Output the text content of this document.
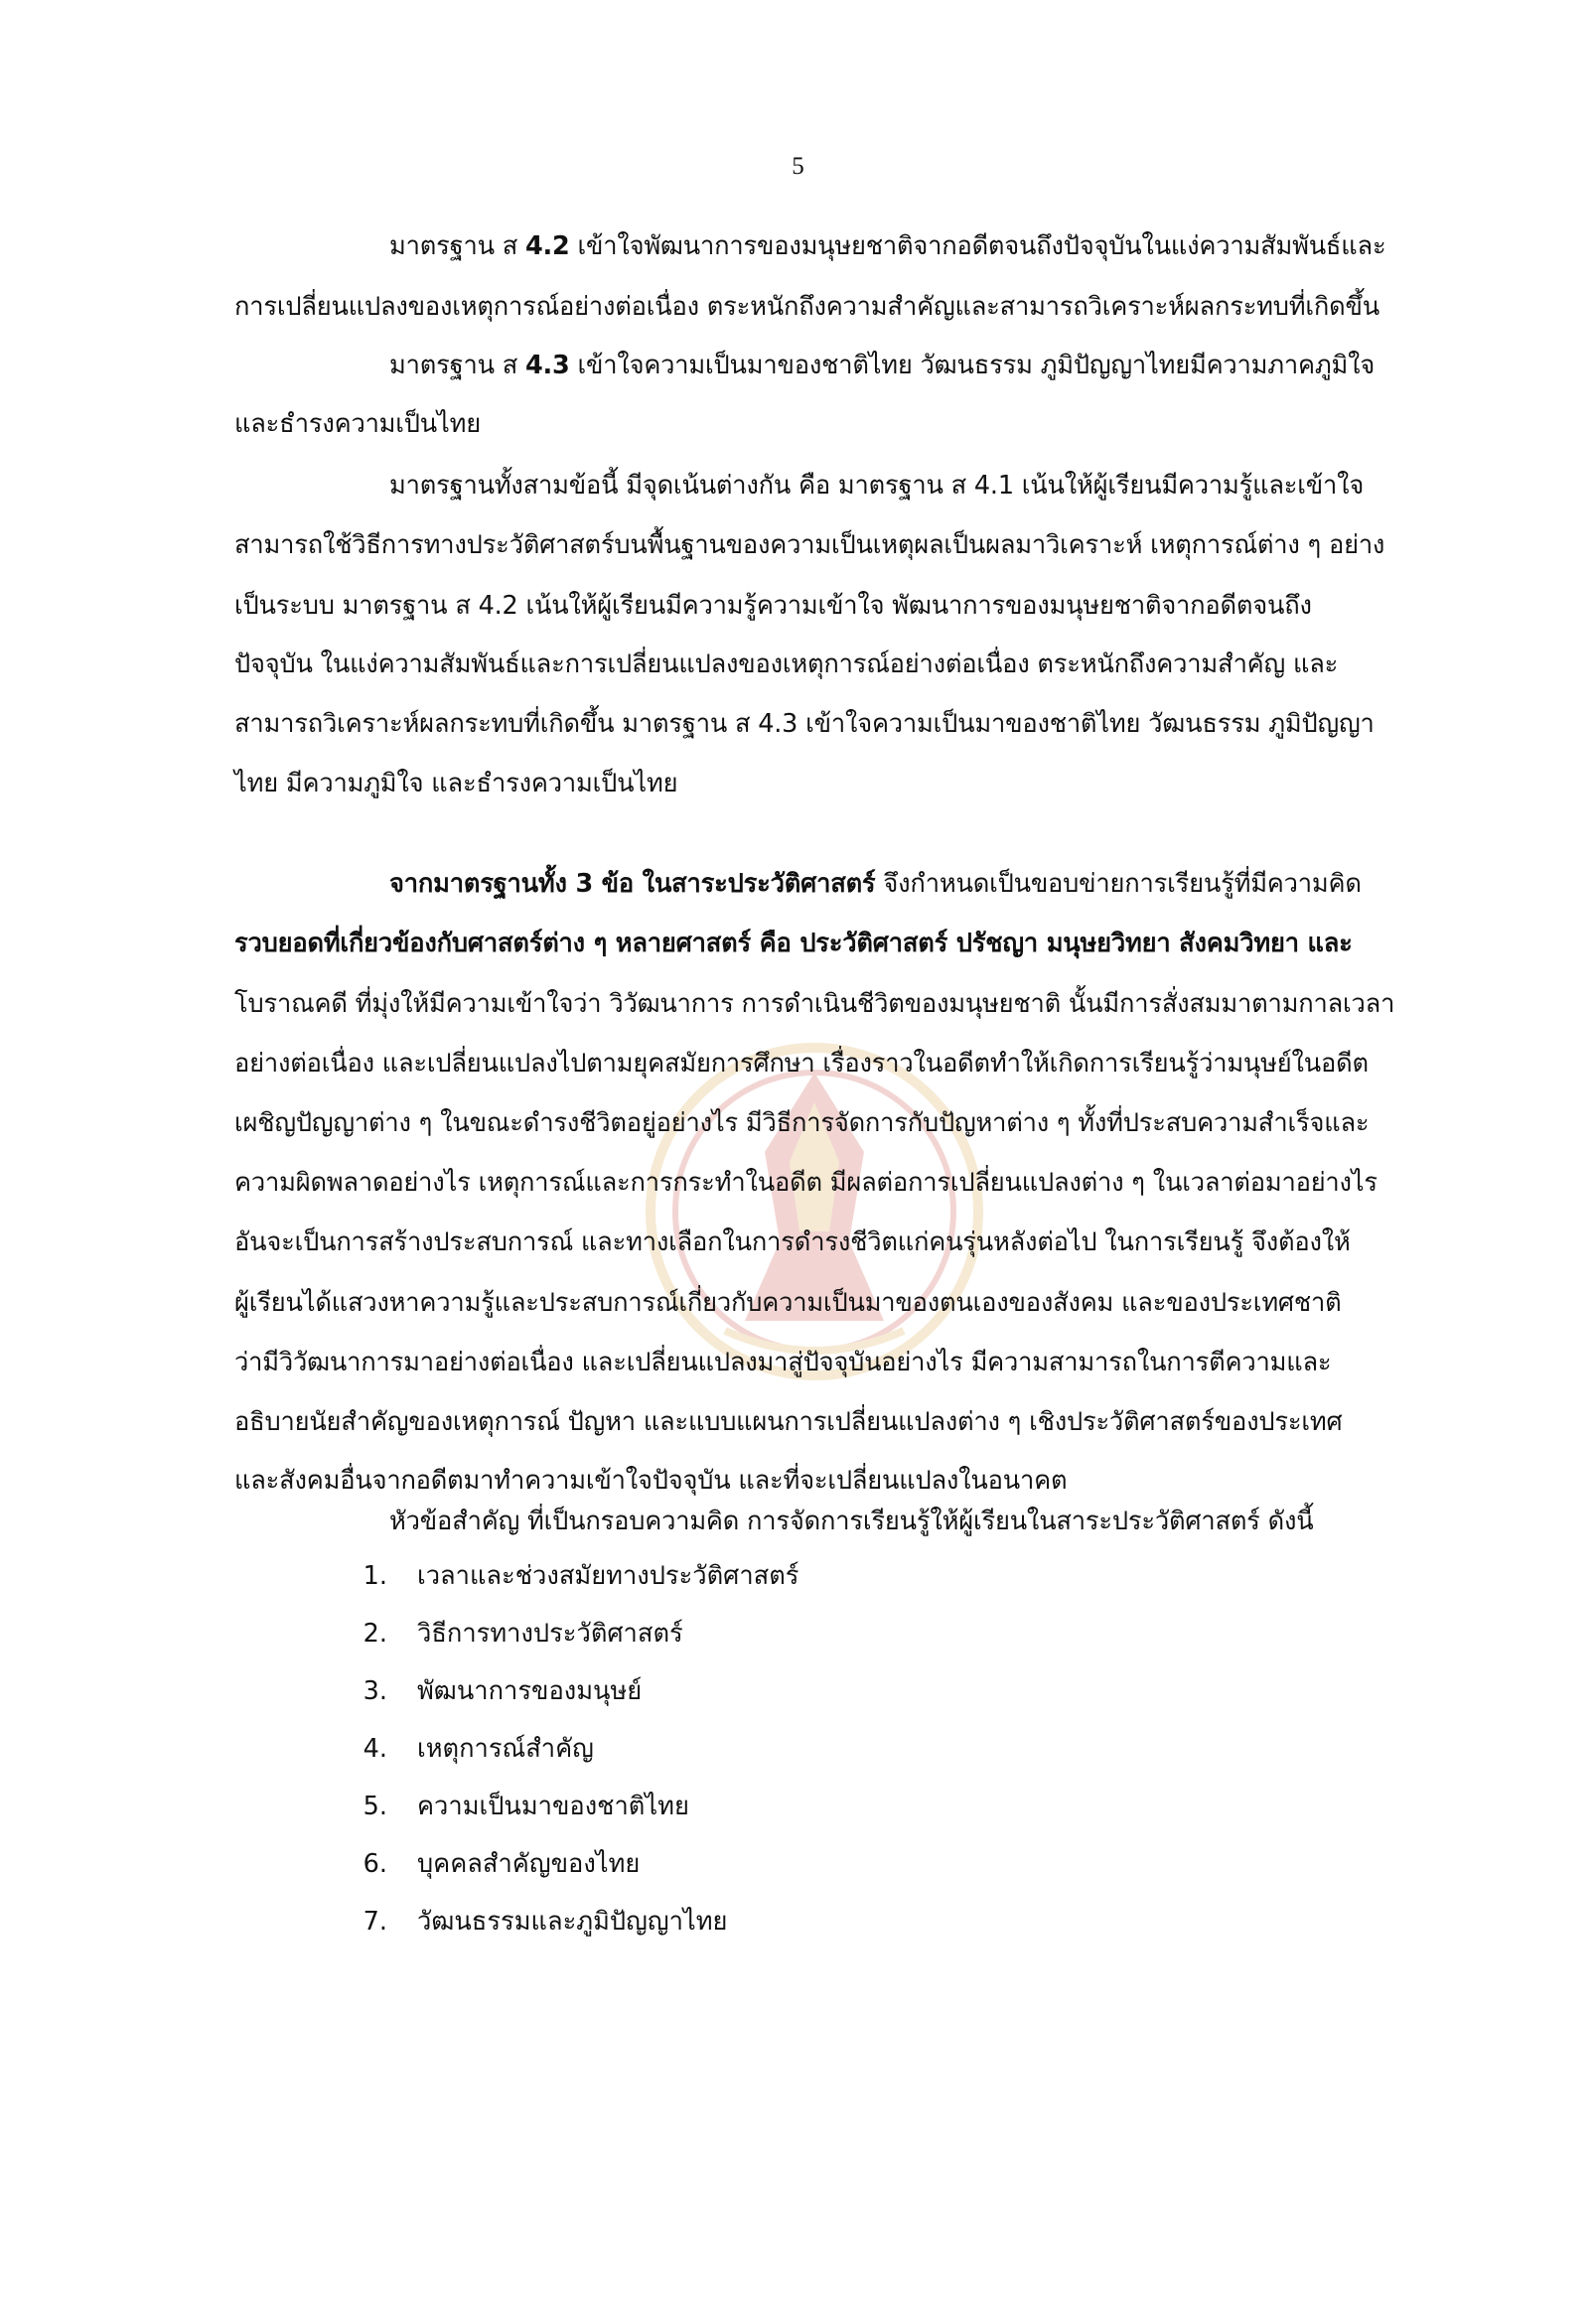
5
มาตรฐาน ส 4.2 เข้าใจพัฒนาการของมนุษยชาติจากอดีตจนถึงปัจจุบันในแง่ความสัมพันธ์และ
การเปลี่ยนแปลงของเหตุการณ์อย่างต่อเนื่อง ตระหนักถึงความสำคัญและสามารถวิเคราะห์ผลกระทบที่เกิดขึ้น
มาตรฐาน ส 4.3 เข้าใจความเป็นมาของชาติไทย วัฒนธรรม ภูมิปัญญาไทยมีความภาคภูมิใจ
และธำรงความเป็นไทย
มาตรฐานทั้งสามข้อนี้ มีจุดเน้นต่างกัน คือ มาตรฐาน ส 4.1 เน้นให้ผู้เรียนมีความรู้และเข้าใจ
สามารถใช้วิธีการทางประวัติศาสตร์บนพื้นฐานของความเป็นเหตุผลเป็นผลมาวิเคราะห์ เหตุการณ์ต่าง ๆ อย่าง
เป็นระบบ มาตรฐาน ส 4.2 เน้นให้ผู้เรียนมีความรู้ความเข้าใจ พัฒนาการของมนุษยชาติจากอดีตจนถึง
ปัจจุบัน ในแง่ความสัมพันธ์และการเปลี่ยนแปลงของเหตุการณ์อย่างต่อเนื่อง ตระหนักถึงความสำคัญ และ
สามารถวิเคราะห์ผลกระทบที่เกิดขึ้น มาตรฐาน ส 4.3 เข้าใจความเป็นมาของชาติไทย วัฒนธรรม ภูมิปัญญา
ไทย มีความภูมิใจ และธำรงความเป็นไทย
จากมาตรฐานทั้ง 3 ข้อ ในสาระประวัติศาสตร์ จึงกำหนดเป็นขอบข่ายการเรียนรู้ที่มีความคิด
รวบยอดที่เกี่ยวข้องกับศาสตร์ต่าง ๆ หลายศาสตร์ คือ ประวัติศาสตร์ ปรัชญา มนุษยวิทยา สังคมวิทยา และ
โบราณคดี ที่มุ่งให้มีความเข้าใจว่า วิวัฒนาการ การดำเนินชีวิตของมนุษยชาติ นั้นมีการสั่งสมมาตามกาลเวลา
อย่างต่อเนื่อง และเปลี่ยนแปลงไปตามยุคสมัยการศึกษา เรื่องราวในอดีตทำให้เกิดการเรียนรู้ว่ามนุษย์ในอดีต
เผชิญปัญญาต่าง ๆ ในขณะดำรงชีวิตอยู่อย่างไร มีวิธีการจัดการกับปัญหาต่าง ๆ ทั้งที่ประสบความสำเร็จและ
ความผิดพลาดอย่างไร เหตุการณ์และการกระทำในอดีต มีผลต่อการเปลี่ยนแปลงต่าง ๆ ในเวลาต่อมาอย่างไร
อันจะเป็นการสร้างประสบการณ์ และทางเลือกในการดำรงชีวิตแก่คนรุ่นหลังต่อไป ในการเรียนรู้ จึงต้องให้
ผู้เรียนได้แสวงหาความรู้และประสบการณ์เกี่ยวกับความเป็นมาของตนเองของสังคม และของประเทศชาติ
ว่ามีวิวัฒนาการมาอย่างต่อเนื่อง และเปลี่ยนแปลงมาสู่ปัจจุบันอย่างไร มีความสามารถในการตีความและ
อธิบายนัยสำคัญของเหตุการณ์ ปัญหา และแบบแผนการเปลี่ยนแปลงต่าง ๆ เชิงประวัติศาสตร์ของประเทศ
และสังคมอื่นจากอดีตมาทำความเข้าใจปัจจุบัน และที่จะเปลี่ยนแปลงในอนาคต
หัวข้อสำคัญ ที่เป็นกรอบความคิด การจัดการเรียนรู้ให้ผู้เรียนในสาระประวัติศาสตร์ ดังนี้
1. เวลาและช่วงสมัยทางประวัติศาสตร์
2. วิธีการทางประวัติศาสตร์
3. พัฒนาการของมนุษย์
4. เหตุการณ์สำคัญ
5. ความเป็นมาของชาติไทย
6. บุคคลสำคัญของไทย
7. วัฒนธรรมและภูมิปัญญาไทย
